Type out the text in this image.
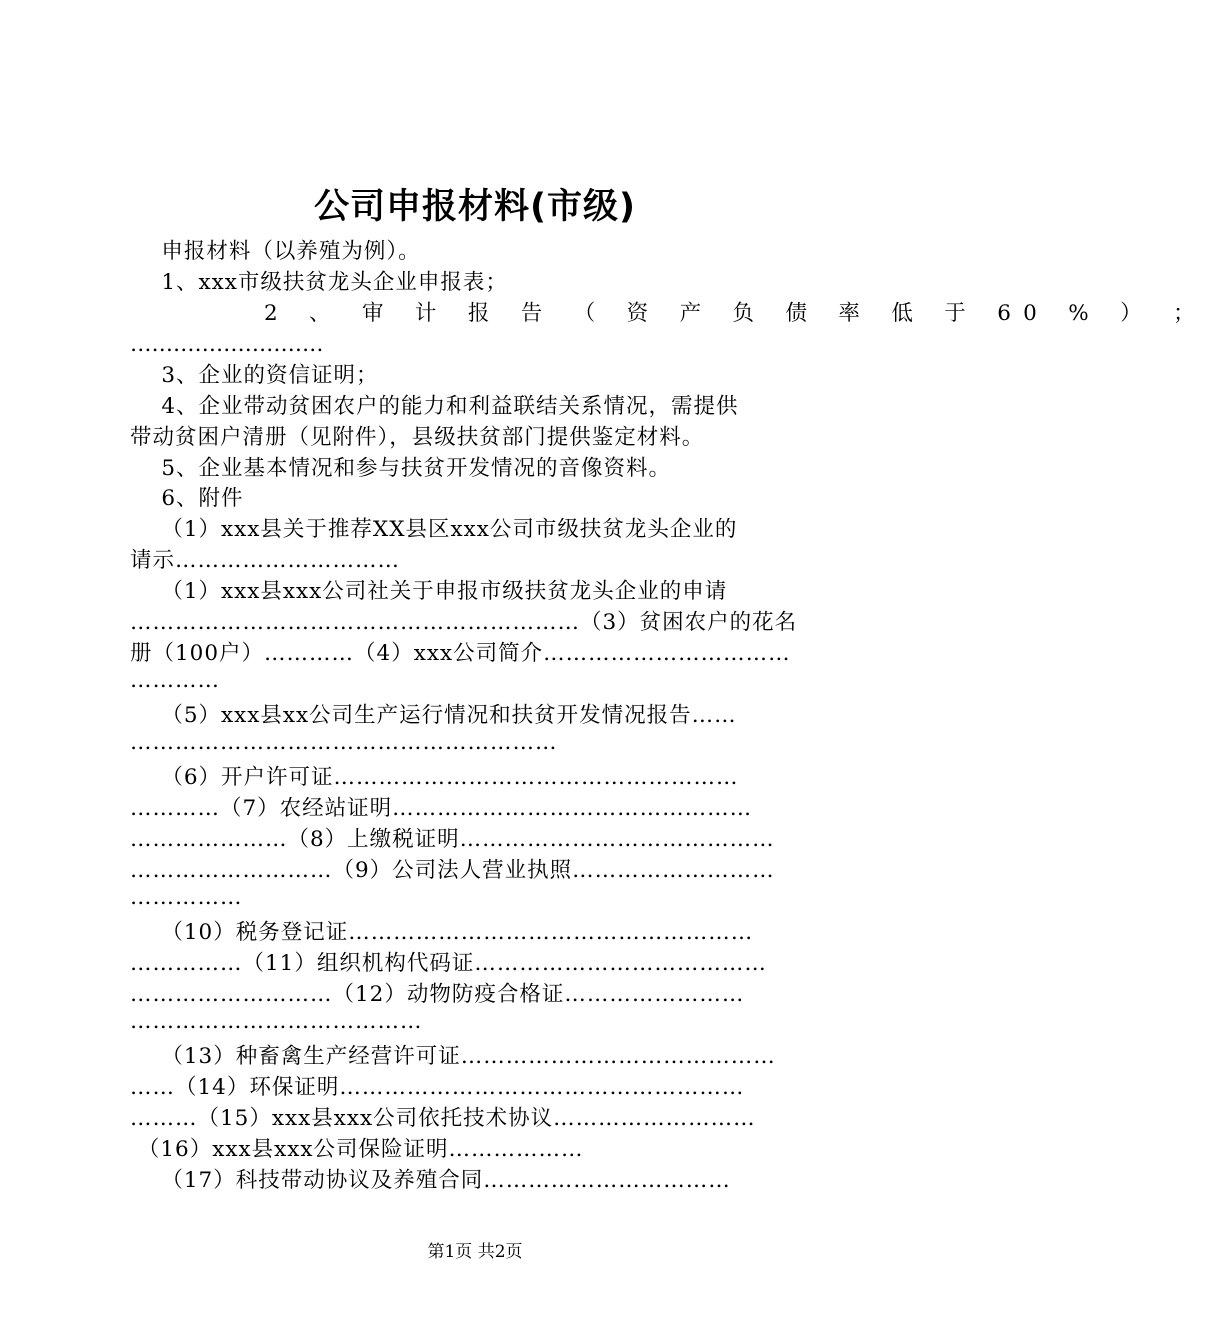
公司申报材料(市级)
申报材料（以养殖为例）。
1、xxx市级扶贫龙头企业申报表；
2 、 审 计 报 告 （ 资 产 负 债 率 低 于 60 % ） ；
………………………
3、企业的资信证明；
4、企业带动贫困农户的能力和利益联结关系情况，需提供
带动贫困户清册（见附件），县级扶贫部门提供鉴定材料。
5、企业基本情况和参与扶贫开发情况的音像资料。
6、附件
（1）xxx县关于推荐XX县区xxx公司市级扶贫龙头企业的
请示…………………………
（1）xxx县xxx公司社关于申报市级扶贫龙头企业的申请
……………………………………………………（3）贫困农户的花名
册（100户）…………（4）xxx公司简介……………………………
…………
（5）xxx县xx公司生产运行情况和扶贫开发情况报告……
…………………………………………………
（6）开户许可证………………………………………………
…………（7）农经站证明…………………………………………
…………………（8）上缴税证明……………………………………
………………………（9）公司法人营业执照………………………
……………
（10）税务登记证………………………………………………
……………（11）组织机构代码证…………………………………
………………………（12）动物防疫合格证……………………
…………………………………
（13）种畜禽生产经营许可证……………………………………
……（14）环保证明………………………………………………
………（15）xxx县xxx公司依托技术协议………………………
（16）xxx县xxx公司保险证明………………
（17）科技带动协议及养殖合同……………………………
第1页 共2页
